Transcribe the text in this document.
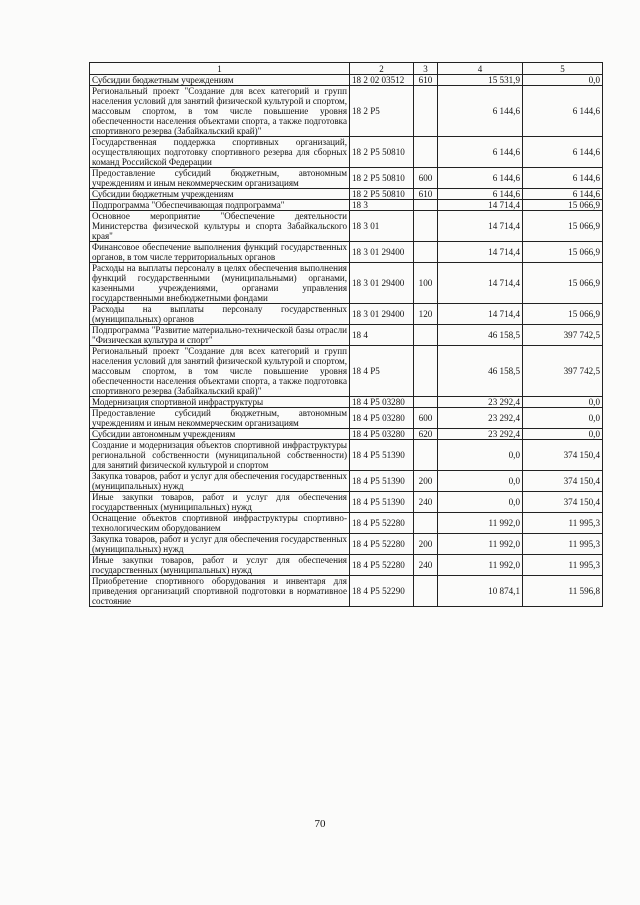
1	2	3	4	5
Субсидии бюджетным учреждениям	18 2 02 03512	610	15 531,9	0,0
Региональный проект "Создание для всех категорий и групп населения условий для занятий физической культурой и спортом, массовым спортом, в том числе повышение уровня обеспеченности населения объектами спорта, а также подготовка спортивного резерва (Забайкальский край)"	18 2 P5		6 144,6	6 144,6
Государственная поддержка спортивных организаций, осуществляющих подготовку спортивного резерва для сборных команд Российской Федерации	18 2 P5 50810		6 144,6	6 144,6
Предоставление субсидий бюджетным, автономным учреждениям и иным некоммерческим организациям	18 2 P5 50810	600	6 144,6	6 144,6
Субсидии бюджетным учреждениям	18 2 P5 50810	610	6 144,6	6 144,6
Подпрограмма "Обеспечивающая подпрограмма"	18 3		14 714,4	15 066,9
Основное мероприятие "Обеспечение деятельности Министерства физической культуры и спорта Забайкальского края"	18 3 01		14 714,4	15 066,9
Финансовое обеспечение выполнения функций государственных органов, в том числе территориальных органов	18 3 01 29400		14 714,4	15 066,9
Расходы на выплаты персоналу в целях обеспечения выполнения функций государственными (муниципальными) органами, казенными учреждениями, органами управления государственными внебюджетными фондами	18 3 01 29400	100	14 714,4	15 066,9
Расходы на выплаты персоналу государственных (муниципальных) органов	18 3 01 29400	120	14 714,4	15 066,9
Подпрограмма "Развитие материально-технической базы отрасли "Физическая культура и спорт"	18 4		46 158,5	397 742,5
Региональный проект "Создание для всех категорий и групп населения условий для занятий физической культурой и спортом, массовым спортом, в том числе повышение уровня обеспеченности населения объектами спорта, а также подготовка спортивного резерва (Забайкальский край)"	18 4 P5		46 158,5	397 742,5
Модернизация спортивной инфраструктуры	18 4 P5 03280		23 292,4	0,0
Предоставление субсидий бюджетным, автономным учреждениям и иным некоммерческим организациям	18 4 P5 03280	600	23 292,4	0,0
Субсидии автономным учреждениям	18 4 P5 03280	620	23 292,4	0,0
Создание и модернизация объектов спортивной инфраструктуры региональной собственности (муниципальной собственности) для занятий физической культурой и спортом	18 4 P5 51390		0,0	374 150,4
Закупка товаров, работ и услуг для обеспечения государственных (муниципальных) нужд	18 4 P5 51390	200	0,0	374 150,4
Иные закупки товаров, работ и услуг для обеспечения государственных (муниципальных) нужд	18 4 P5 51390	240	0,0	374 150,4
Оснащение объектов спортивной инфраструктуры спортивно-технологическим оборудованием	18 4 P5 52280		11 992,0	11 995,3
Закупка товаров, работ и услуг для обеспечения государственных (муниципальных) нужд	18 4 P5 52280	200	11 992,0	11 995,3
Иные закупки товаров, работ и услуг для обеспечения государственных (муниципальных) нужд	18 4 P5 52280	240	11 992,0	11 995,3
Приобретение спортивного оборудования и инвентаря для приведения организаций спортивной подготовки в нормативное состояние	18 4 P5 52290		10 874,1	11 596,8
70
